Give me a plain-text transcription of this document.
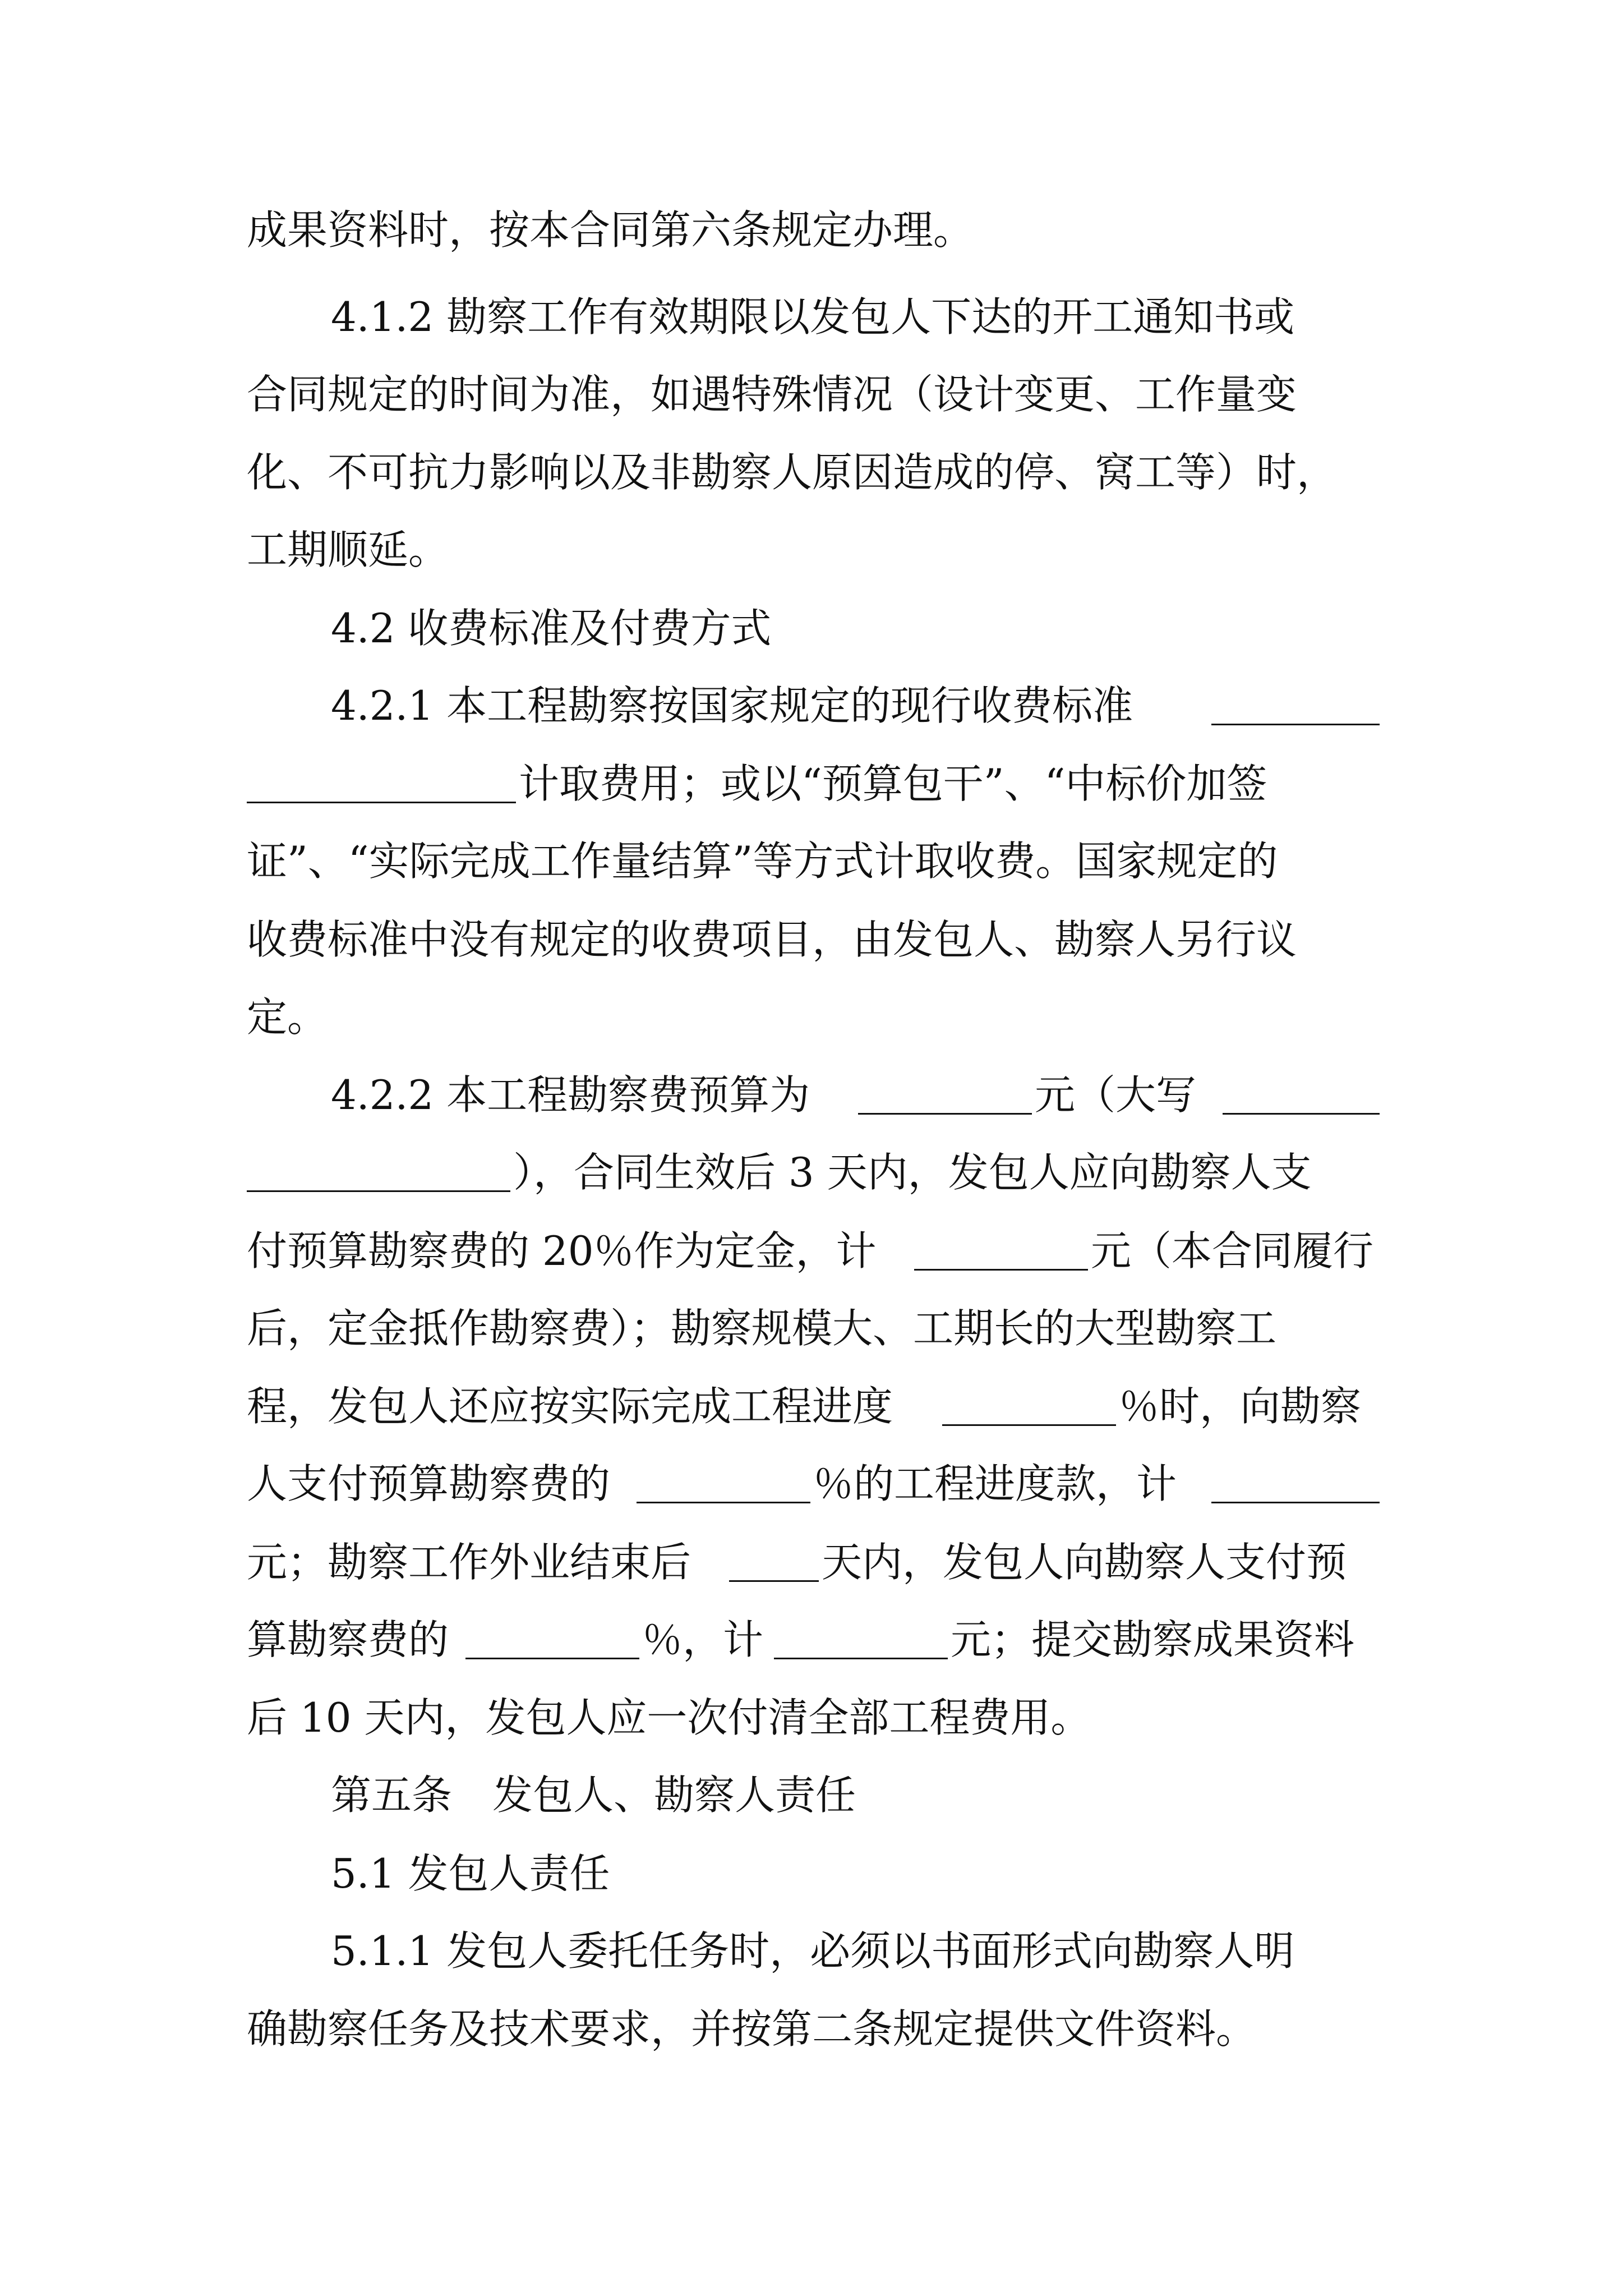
成果资料时，按本合同第六条规定办理。
4.1.2 勘察工作有效期限以发包人下达的开工通知书或
合同规定的时间为准，如遇特殊情况（设计变更、工作量变
化、不可抗力影响以及非勘察人原因造成的停、窝工等）时，
工期顺延。
4.2 收费标准及付费方式
4.2.1 本工程勘察按国家规定的现行收费标准
计取费用；或以“预算包干”、“中标价加签
证”、“实际完成工作量结算”等方式计取收费。国家规定的
收费标准中没有规定的收费项目，由发包人、勘察人另行议
定。
4.2.2 本工程勘察费预算为	元（大写
），合同生效后 3 天内，发包人应向勘察人支
付预算勘察费的 20％作为定金，计	元（本合同履行
后，定金抵作勘察费）；勘察规模大、工期长的大型勘察工
程，发包人还应按实际完成工程进度	％时，向勘察
人支付预算勘察费的	％的工程进度款，计
元；勘察工作外业结束后	天内，发包人向勘察人支付预
算勘察费的	％，计	元；提交勘察成果资料
后 10 天内，发包人应一次付清全部工程费用。
第五条　发包人、勘察人责任
5.1 发包人责任
5.1.1 发包人委托任务时，必须以书面形式向勘察人明
确勘察任务及技术要求，并按第二条规定提供文件资料。
